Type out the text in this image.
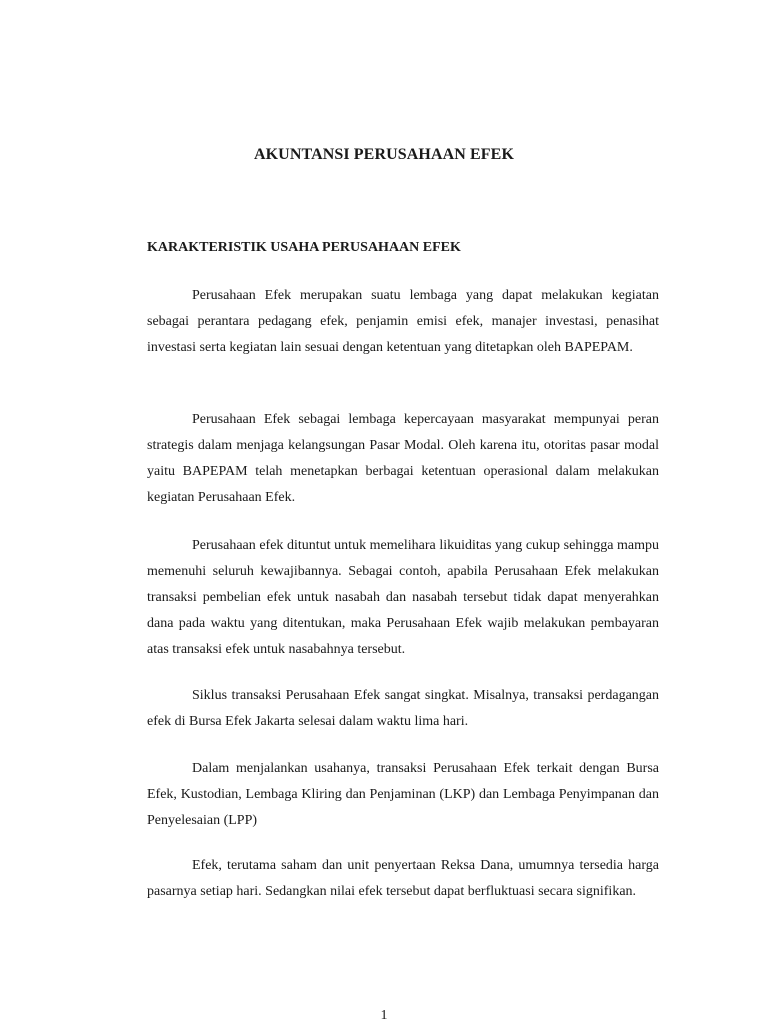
AKUNTANSI PERUSAHAAN EFEK
KARAKTERISTIK USAHA PERUSAHAAN EFEK

Perusahaan Efek merupakan suatu lembaga yang dapat melakukan kegiatan sebagai perantara pedagang efek, penjamin emisi efek, manajer investasi, penasihat investasi serta kegiatan lain sesuai dengan ketentuan yang ditetapkan oleh BAPEPAM.

Perusahaan Efek sebagai lembaga kepercayaan masyarakat mempunyai peran strategis dalam menjaga kelangsungan Pasar Modal. Oleh karena itu, otoritas pasar modal yaitu BAPEPAM telah menetapkan berbagai ketentuan operasional dalam melakukan kegiatan Perusahaan Efek.

Perusahaan efek dituntut untuk memelihara likuiditas yang cukup sehingga mampu memenuhi seluruh kewajibannya. Sebagai contoh, apabila Perusahaan Efek melakukan transaksi pembelian efek untuk nasabah dan nasabah tersebut tidak dapat menyerahkan dana pada waktu yang ditentukan, maka Perusahaan Efek wajib melakukan pembayaran atas transaksi efek untuk nasabahnya tersebut.

Siklus transaksi Perusahaan Efek sangat singkat. Misalnya, transaksi perdagangan efek di Bursa Efek Jakarta selesai dalam waktu lima hari.

Dalam menjalankan usahanya, transaksi Perusahaan Efek terkait dengan Bursa Efek, Kustodian, Lembaga Kliring dan Penjaminan (LKP) dan Lembaga Penyimpanan dan Penyelesaian (LPP)

Efek, terutama saham dan unit penyertaan Reksa Dana, umumnya tersedia harga pasarnya setiap hari. Sedangkan nilai efek tersebut dapat berfluktuasi secara signifikan.

1
